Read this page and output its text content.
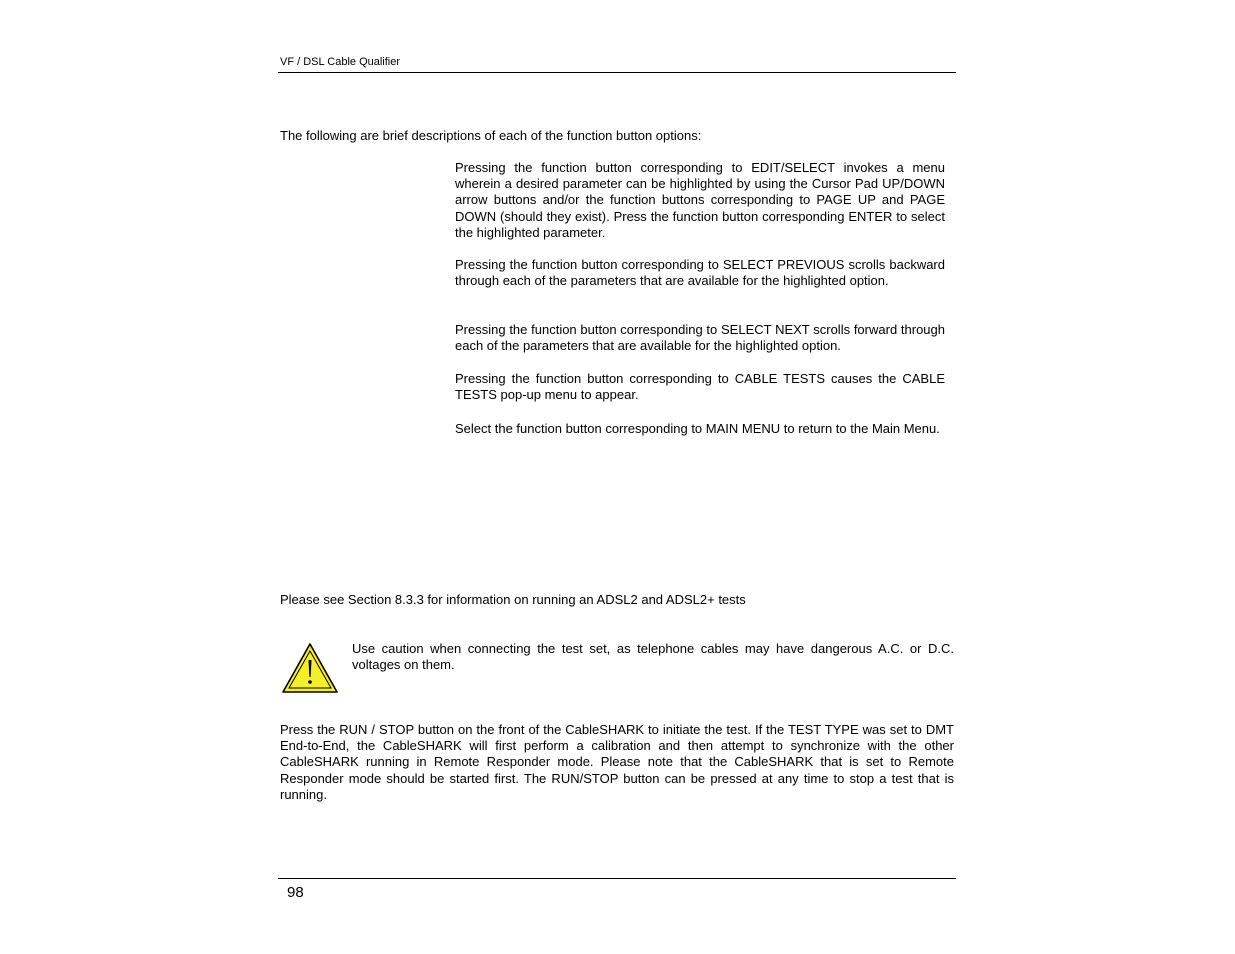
VF / DSL Cable Qualifier
The following are brief descriptions of each of the function button options:
Pressing the function button corresponding to EDIT/SELECT invokes a menu wherein a desired parameter can be highlighted by using the Cursor Pad UP/DOWN arrow buttons and/or the function buttons corresponding to PAGE UP and PAGE DOWN (should they exist). Press the function button corresponding ENTER to select the highlighted parameter.
Pressing the function button corresponding to SELECT PREVIOUS scrolls backward through each of the parameters that are available for the highlighted option.
Pressing the function button corresponding to SELECT NEXT scrolls forward through each of the parameters that are available for the highlighted option.
Pressing the function button corresponding to CABLE TESTS causes the CABLE TESTS pop-up menu to appear.
Select the function button corresponding to MAIN MENU to return to the Main Menu.
Please see Section 8.3.3 for information on running an ADSL2 and ADSL2+ tests
Use caution when connecting the test set, as telephone cables may have dangerous A.C. or D.C. voltages on them.
Press the RUN / STOP button on the front of the CableSHARK to initiate the test. If the TEST TYPE was set to DMT End-to-End, the CableSHARK will first perform a calibration and then attempt to synchronize with the other CableSHARK running in Remote Responder mode. Please note that the CableSHARK that is set to Remote Responder mode should be started first. The RUN/STOP button can be pressed at any time to stop a test that is running.
98
